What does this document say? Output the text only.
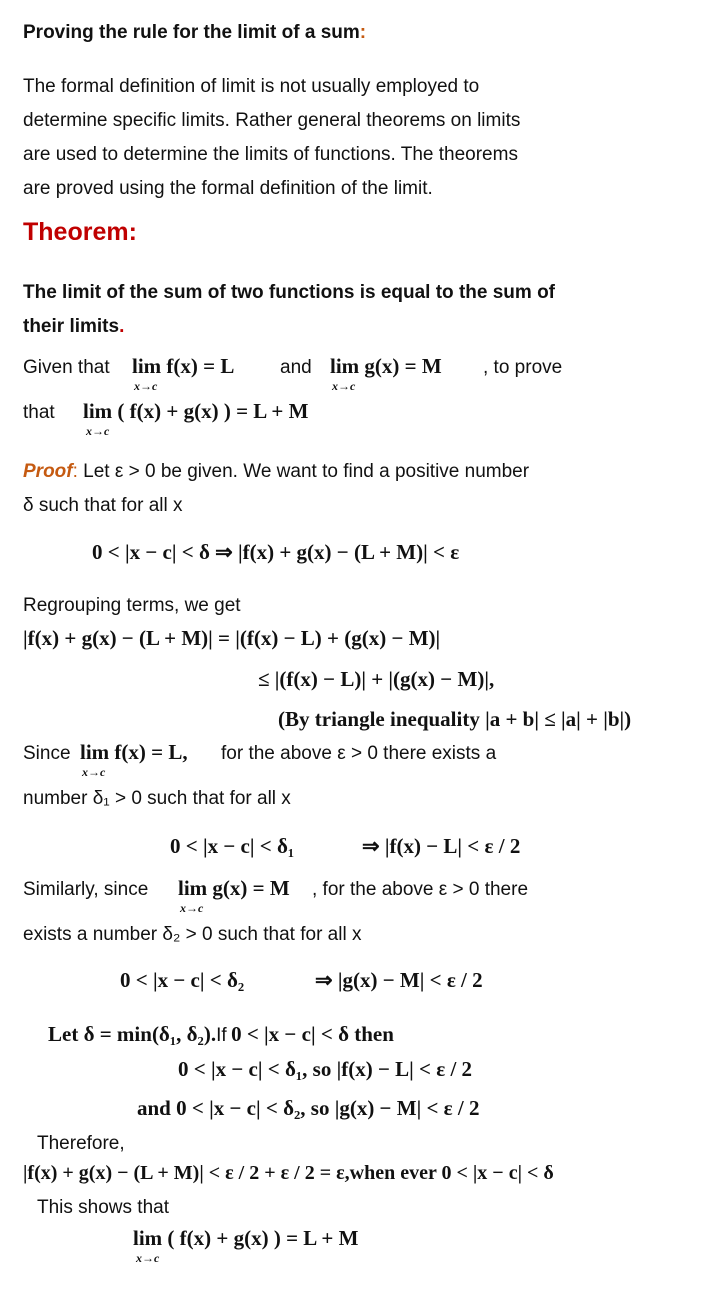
Proving the rule for the limit of a sum:
The formal definition of limit is not usually employed to
determine specific limits. Rather general theorems on limits
are used to determine the limits of functions. The theorems
are proved using the formal definition of the limit.
Theorem:
The limit of the sum of two functions is equal to the sum of
their limits.
Given that lim f(x) = L
x→c
and lim g(x) = M
x→c
, to prove
that lim ( f(x) + g(x) ) = L + M
x→c
Proof: Let ε > 0 be given. We want to find a positive number
δ such that for all x
0 < |x − c| < δ ⇒ |f(x) + g(x) − (L + M)| < ε
Regrouping terms, we get
|f(x) + g(x) − (L + M)| = |(f(x) − L) + (g(x) − M)|
≤ |(f(x) − L)| + |(g(x) − M)|,
(By triangle inequality |a + b| ≤ |a| + |b|)
Since lim f(x) = L,
x→c
for the above ε > 0 there exists a
number δ₁ > 0 such that for all x
0 < |x − c| < δ₁	⇒ |f(x) − L| < ε / 2
Similarly, since lim g(x) = M
x→c
, for the above ε > 0 there
exists a number δ₂ > 0 such that for all x
0 < |x − c| < δ₂	⇒ |g(x) − M| < ε / 2
Let δ = min(δ₁, δ₂).If 0 < |x − c| < δ then
0 < |x − c| < δ₁, so |f(x) − L| < ε / 2
and 0 < |x − c| < δ₂, so |g(x) − M| < ε / 2
Therefore,
|f(x) + g(x) − (L + M)| < ε / 2 + ε / 2 = ε,when ever 0 < |x − c| < δ
This shows that
lim ( f(x) + g(x) ) = L + M
x→c
